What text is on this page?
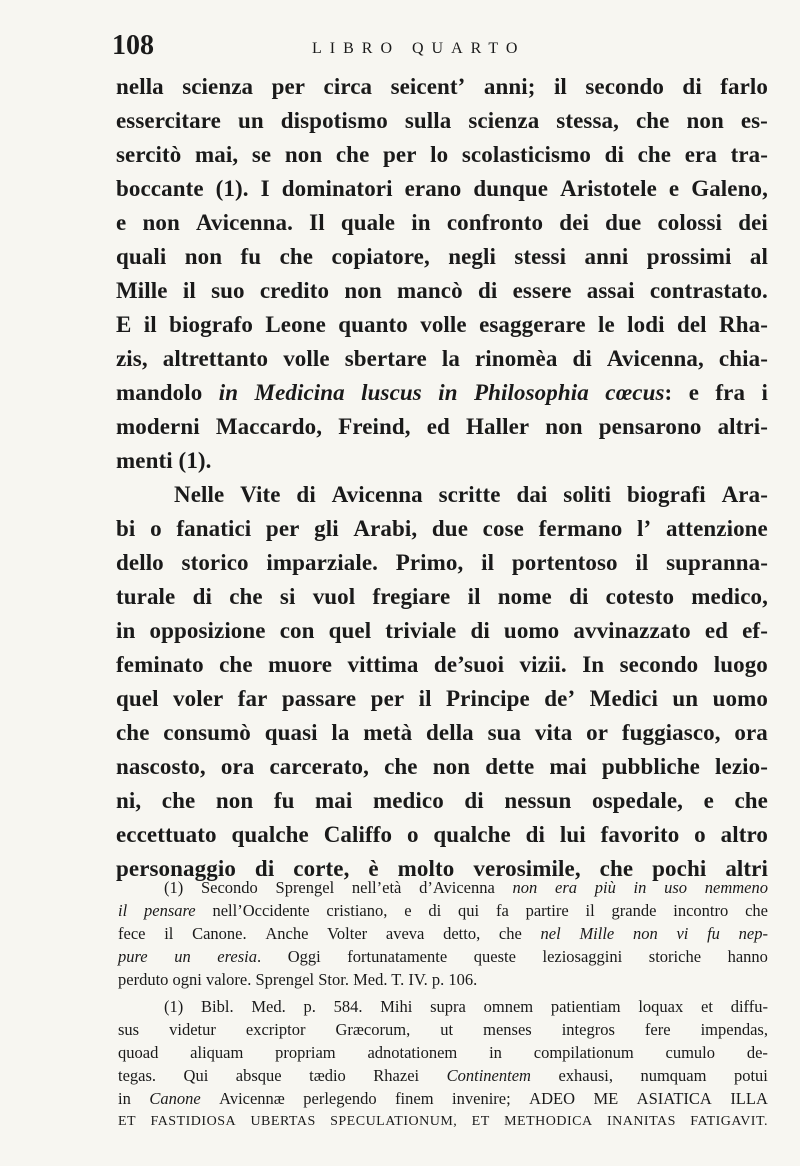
108	LIBRO QUARTO
nella scienza per circa seicent’ anni; il secondo di farlo
essercitare un dispotismo sulla scienza stessa, che non es-
sercitò mai, se non che per lo scolasticismo di che era tra-
boccante (1). I dominatori erano dunque Aristotele e Galeno,
e non Avicenna. Il quale in confronto dei due colossi dei
quali non fu che copiatore, negli stessi anni prossimi al
Mille il suo credito non mancò di essere assai contrastato.
E il biografo Leone quanto volle esaggerare le lodi del Rha-
zis, altrettanto volle sbertare la rinomèa di Avicenna, chia-
mandolo in Medicina luscus in Philosophia cœcus: e fra i
moderni Maccardo, Freind, ed Haller non pensarono altri-
menti (1).
Nelle Vite di Avicenna scritte dai soliti biografi Ara-
bi o fanatici per gli Arabi, due cose fermano l’ attenzione
dello storico imparziale. Primo, il portentoso il supranna-
turale di che si vuol fregiare il nome di cotesto medico,
in opposizione con quel triviale di uomo avvinazzato ed ef-
feminato che muore vittima de’suoi vizii. In secondo luogo
quel voler far passare per il Principe de’ Medici un uomo
che consumò quasi la metà della sua vita or fuggiasco, ora
nascosto, ora carcerato, che non dette mai pubbliche lezio-
ni, che non fu mai medico di nessun ospedale, e che
eccettuato qualche Califfo o qualche di lui favorito o altro
personaggio di corte, è molto verosimile, che pochi altri
(1) Secondo Sprengel nell’età d’Avicenna non era più in uso nemmeno
il pensare nell’Occidente cristiano, e di qui fa partire il grande incontro che
fece il Canone. Anche Volter aveva detto, che nel Mille non vi fu nep-
pure un eresia. Oggi fortunatamente queste leziosaggini storiche hanno
perduto ogni valore. Sprengel Stor. Med. T. IV. p. 106.
(1) Bibl. Med. p. 584. Mihi supra omnem patientiam loquax et diffu-
sus videtur excriptor Græcorum, ut menses integros fere impendas,
quoad aliquam propriam adnotationem in compilationum cumulo de-
tegas. Qui absque tædio Rhazei Continentem exhausi, numquam potui
in Canone Avicennæ perlegendo finem invenire; ADEO ME ASIATICA ILLA
ET FASTIDIOSA UBERTAS SPECULATIONUM, ET METHODICA INANITAS FATIGAVIT.
